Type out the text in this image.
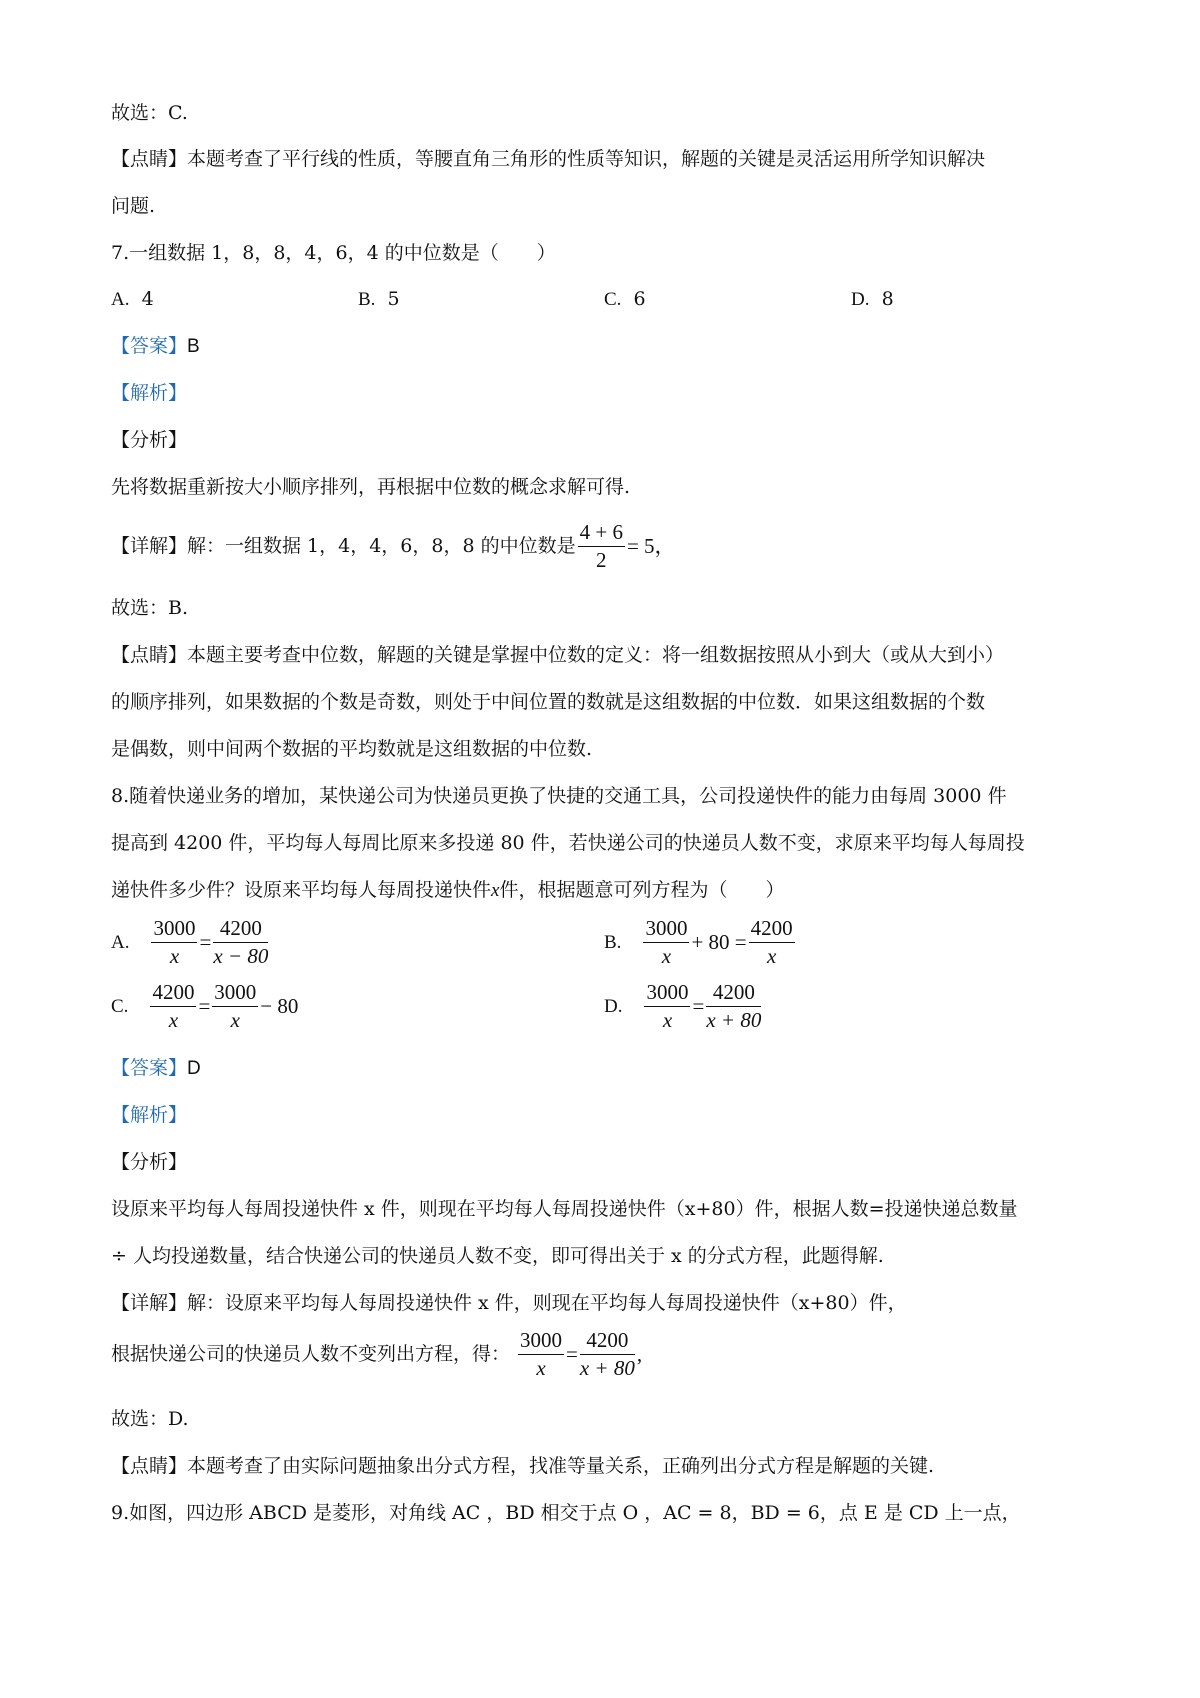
故选：C.
【点睛】本题考查了平行线的性质，等腰直角三角形的性质等知识，解题的关键是灵活运用所学知识解决
问题.
7.一组数据 1，8，8，4，6，4 的中位数是（　　）
A. 4	B. 5	C. 6	D. 8
【答案】B
【解析】
【分析】
先将数据重新按大小顺序排列，再根据中位数的概念求解可得.
【详解】解：一组数据 1，4，4，6，8，8 的中位数是 $\frac{4 + 6}{2} = 5$，
故选：B.
【点睛】本题主要考查中位数，解题的关键是掌握中位数的定义：将一组数据按照从小到大（或从大到小）
的顺序排列，如果数据的个数是奇数，则处于中间位置的数就是这组数据的中位数．如果这组数据的个数
是偶数，则中间两个数据的平均数就是这组数据的中位数.
8.随着快递业务的增加，某快递公司为快递员更换了快捷的交通工具，公司投递快件的能力由每周 3000 件
提高到 4200 件，平均每人每周比原来多投递 80 件，若快递公司的快递员人数不变，求原来平均每人每周投
递快件多少件？设原来平均每人每周投递快件x件，根据题意可列方程为（　　）
A. $\frac{3000}{x} = \frac{4200}{x - 80}$	B. $\frac{3000}{x} + 80 = \frac{4200}{x}$
C. $\frac{4200}{x} = \frac{3000}{x} - 80$	D. $\frac{3000}{x} = \frac{4200}{x + 80}$
【答案】D
【解析】
【分析】
设原来平均每人每周投递快件 x 件，则现在平均每人每周投递快件（x+80）件，根据人数=投递快递总数量
÷ 人均投递数量，结合快递公司的快递员人数不变，即可得出关于 x 的分式方程，此题得解.
【详解】解：设原来平均每人每周投递快件 x 件，则现在平均每人每周投递快件（x+80）件，
根据快递公司的快递员人数不变列出方程，得： $\frac{3000}{x} = \frac{4200}{x + 80}$ ,
故选：D.
【点睛】本题考查了由实际问题抽象出分式方程，找准等量关系，正确列出分式方程是解题的关键.
9.如图，四边形 ABCD 是菱形，对角线 AC ，BD 相交于点 O ，AC = 8，BD = 6，点 E 是 CD 上一点，
